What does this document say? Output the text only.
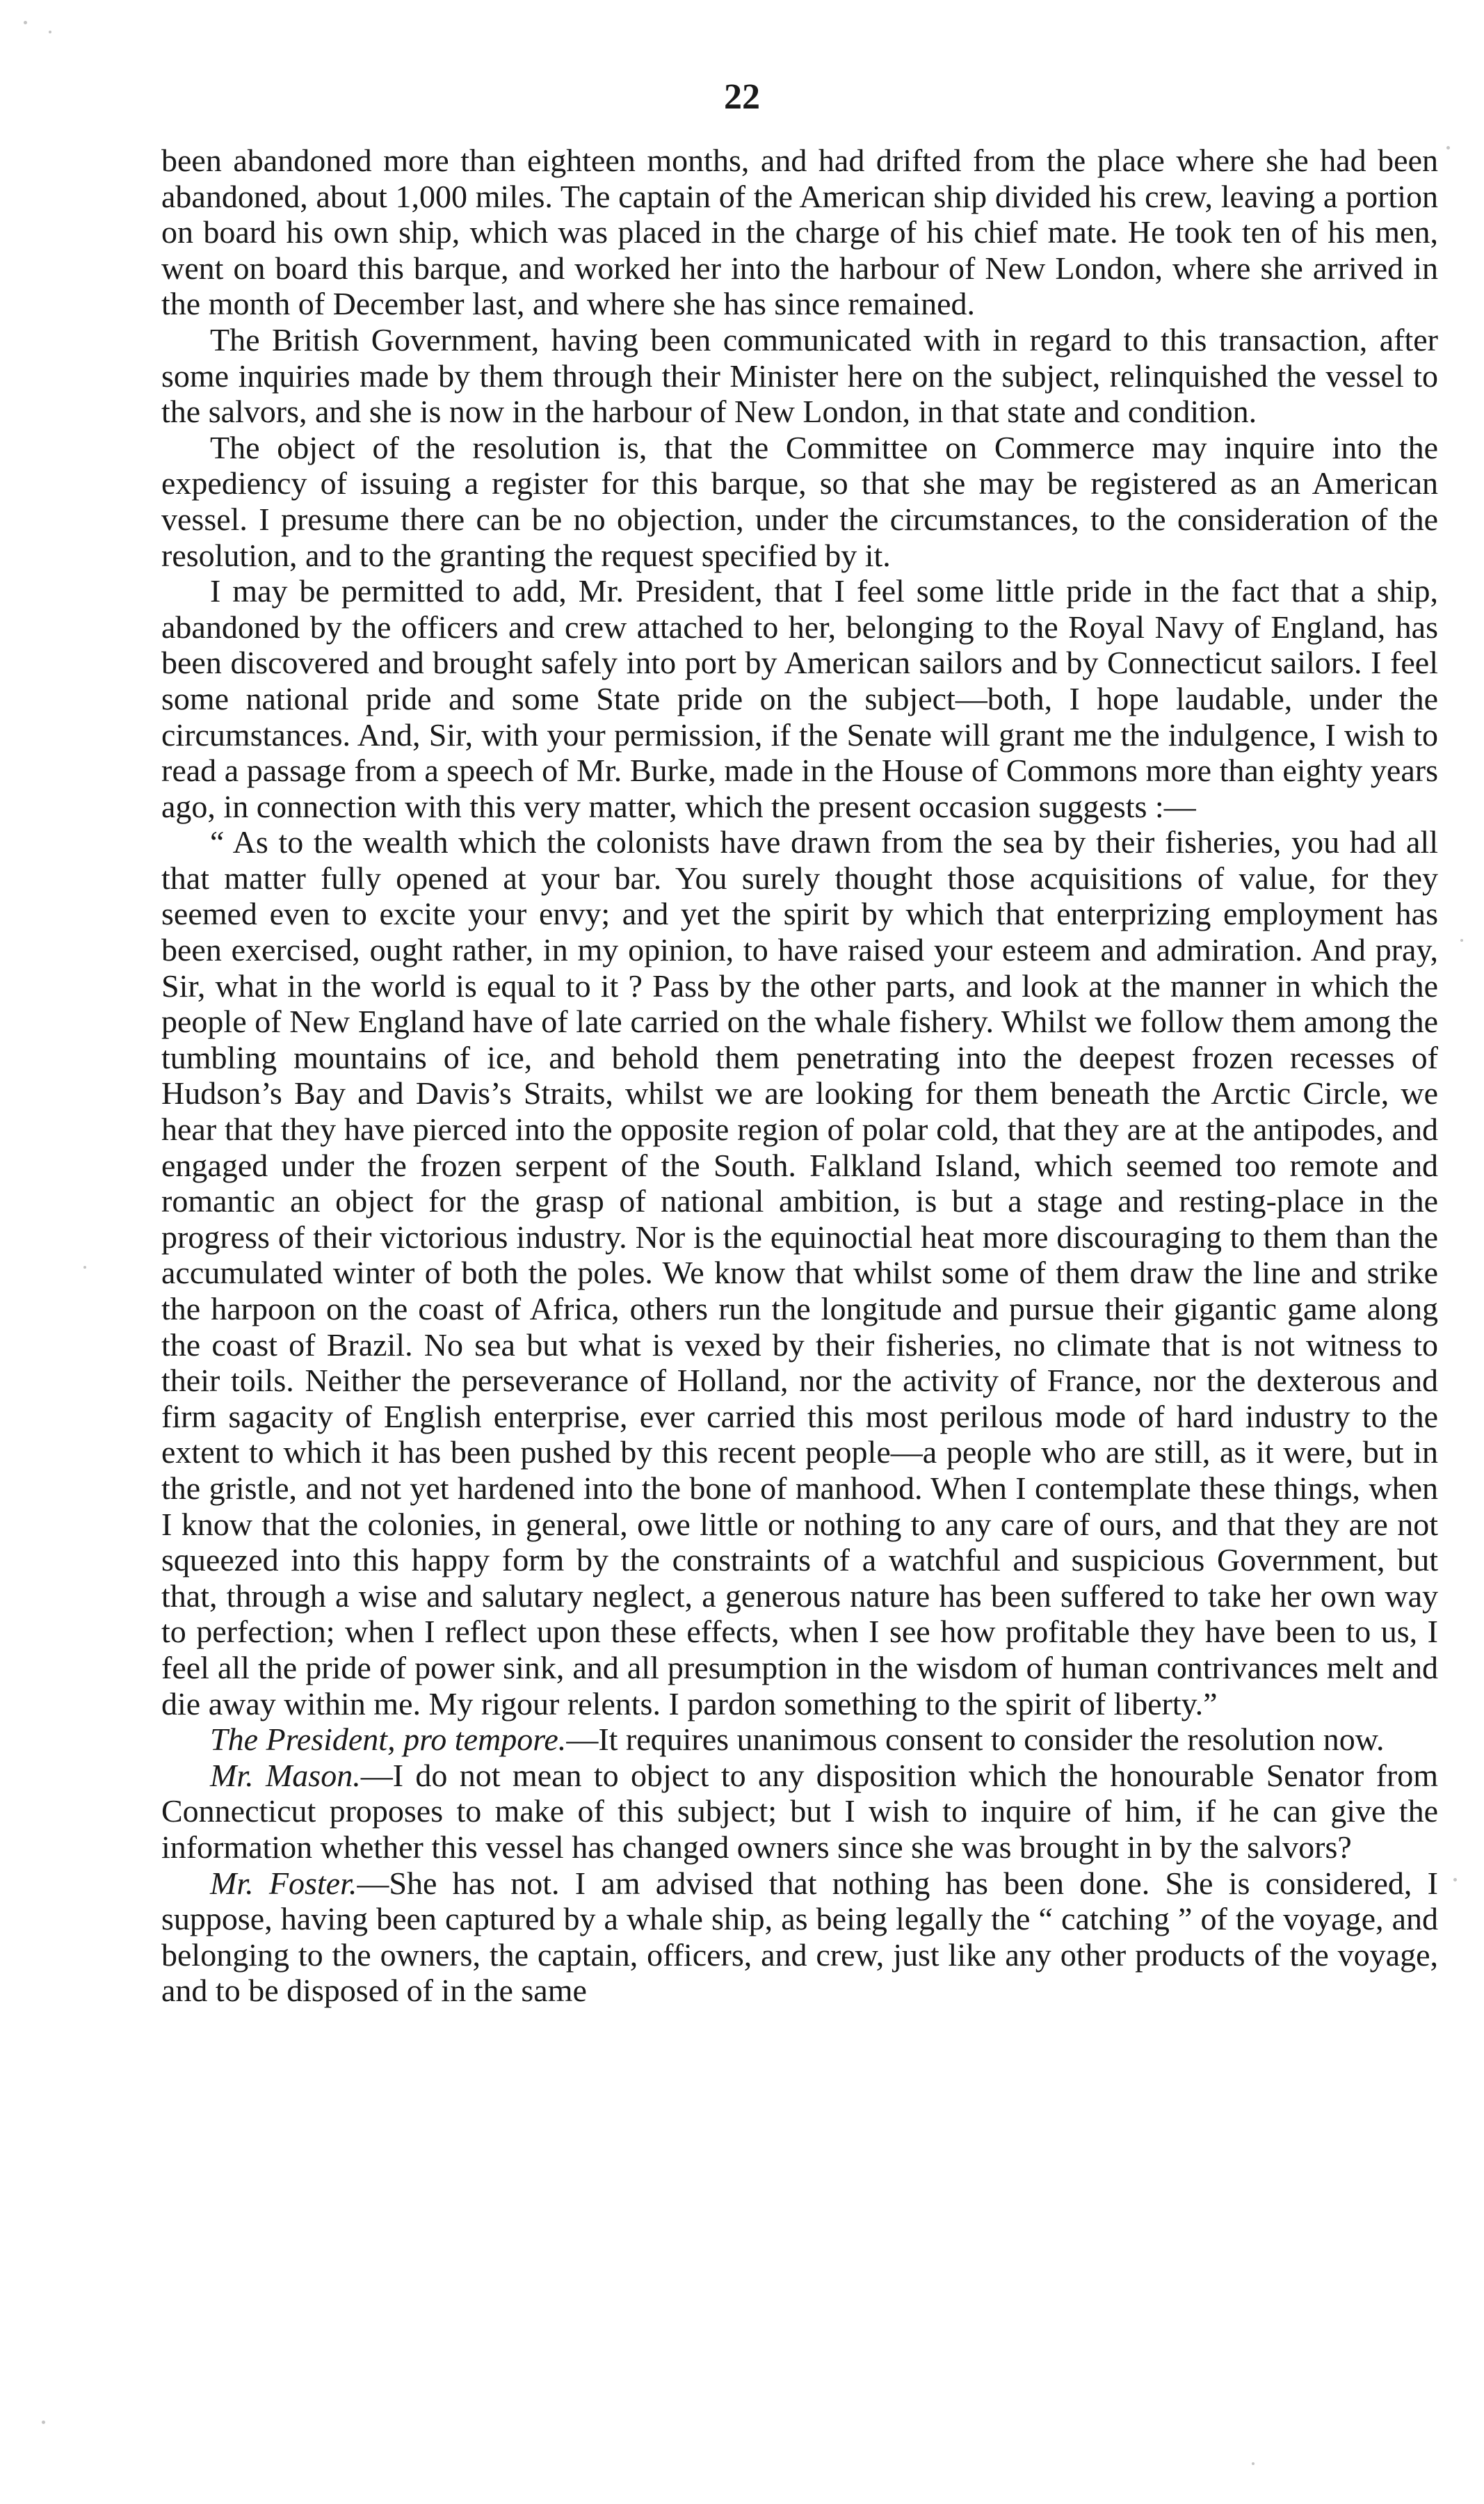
22

been abandoned more than eighteen months, and had drifted from the place where she had been abandoned, about 1,000 miles. The captain of the American ship divided his crew, leaving a portion on board his own ship, which was placed in the charge of his chief mate. He took ten of his men, went on board this barque, and worked her into the harbour of New London, where she arrived in the month of December last, and where she has since remained.

The British Government, having been communicated with in regard to this transaction, after some inquiries made by them through their Minister here on the subject, relinquished the vessel to the salvors, and she is now in the harbour of New London, in that state and condition.

The object of the resolution is, that the Committee on Commerce may inquire into the expediency of issuing a register for this barque, so that she may be registered as an American vessel. I presume there can be no objection, under the circumstances, to the consideration of the resolution, and to the granting the request specified by it.

I may be permitted to add, Mr. President, that I feel some little pride in the fact that a ship, abandoned by the officers and crew attached to her, belonging to the Royal Navy of England, has been discovered and brought safely into port by American sailors and by Connecticut sailors. I feel some national pride and some State pride on the subject—both, I hope laudable, under the circumstances. And, Sir, with your permission, if the Senate will grant me the indulgence, I wish to read a passage from a speech of Mr. Burke, made in the House of Commons more than eighty years ago, in connection with this very matter, which the present occasion suggests :—

“ As to the wealth which the colonists have drawn from the sea by their fisheries, you had all that matter fully opened at your bar. You surely thought those acquisitions of value, for they seemed even to excite your envy; and yet the spirit by which that enterprizing employment has been exercised, ought rather, in my opinion, to have raised your esteem and admiration. And pray, Sir, what in the world is equal to it ? Pass by the other parts, and look at the manner in which the people of New England have of late carried on the whale fishery. Whilst we follow them among the tumbling mountains of ice, and behold them penetrating into the deepest frozen recesses of Hudson’s Bay and Davis’s Straits, whilst we are looking for them beneath the Arctic Circle, we hear that they have pierced into the opposite region of polar cold, that they are at the antipodes, and engaged under the frozen serpent of the South. Falkland Island, which seemed too remote and romantic an object for the grasp of national ambition, is but a stage and resting-place in the progress of their victorious industry. Nor is the equinoctial heat more discouraging to them than the accumulated winter of both the poles. We know that whilst some of them draw the line and strike the harpoon on the coast of Africa, others run the longitude and pursue their gigantic game along the coast of Brazil. No sea but what is vexed by their fisheries, no climate that is not witness to their toils. Neither the perseverance of Holland, nor the activity of France, nor the dexterous and firm sagacity of English enterprise, ever carried this most perilous mode of hard industry to the extent to which it has been pushed by this recent people—a people who are still, as it were, but in the gristle, and not yet hardened into the bone of manhood. When I contemplate these things, when I know that the colonies, in general, owe little or nothing to any care of ours, and that they are not squeezed into this happy form by the constraints of a watchful and suspicious Government, but that, through a wise and salutary neglect, a generous nature has been suffered to take her own way to perfection; when I reflect upon these effects, when I see how profitable they have been to us, I feel all the pride of power sink, and all presumption in the wisdom of human contrivances melt and die away within me. My rigour relents. I pardon something to the spirit of liberty.”

The President, pro tempore.—It requires unanimous consent to consider the resolution now.

Mr. Mason.—I do not mean to object to any disposition which the honourable Senator from Connecticut proposes to make of this subject; but I wish to inquire of him, if he can give the information whether this vessel has changed owners since she was brought in by the salvors?

Mr. Foster.—She has not. I am advised that nothing has been done. She is considered, I suppose, having been captured by a whale ship, as being legally the “ catching ” of the voyage, and belonging to the owners, the captain, officers, and crew, just like any other products of the voyage, and to be disposed of in the same
